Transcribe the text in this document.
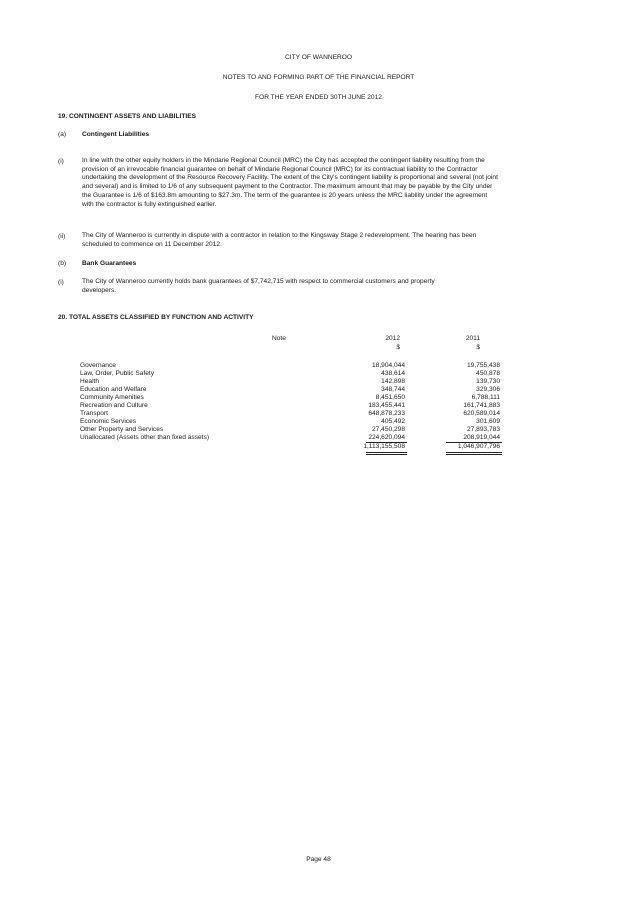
CITY OF WANNEROO
NOTES TO AND FORMING PART OF THE FINANCIAL REPORT
FOR THE YEAR ENDED 30TH JUNE 2012
19. CONTINGENT ASSETS AND LIABILITIES
(a) Contingent Liabilities
(i)	In line with the other equity holders in the Mindarie Regional Council (MRC) the City has accepted the contingent liability resulting from the provision of an irrevocable financial guarantee on behalf of Mindarie Regional Council (MRC) for its contractual liability to the Contractor undertaking the development of the Resource Recovery Facility. The extent of the City's contingent liability is proportional and several (not joint and several) and is limited to 1/6 of any subsequent payment to the Contractor. The maximum amount that may be payable by the City under the Guarantee is 1/6 of $163.8m amounting to $27.3m. The term of the guarantee is 20 years unless the MRC liability under the agreement with the contractor is fully extinguished earlier.
(ii)	The City of Wanneroo is currently in dispute with a contractor in relation to the Kingsway Stage 2 redevelopment. The hearing has been scheduled to commence on 11 December 2012.
(b) Bank Guarantees
(i)	The City of Wanneroo currently holds bank guarantees of $7,742,715 with respect to commercial customers and property developers.
20. TOTAL ASSETS CLASSIFIED BY FUNCTION AND ACTIVITY
Note	2012	2011
$	$
Governance	18,904,044	19,755,438
Law, Order, Public Safety	438,614	450,878
Health	142,898	139,730
Education and Welfare	348,744	329,306
Community Amenities	8,451,650	6,788,111
Recreation and Culture	183,455,441	161,741,883
Transport	648,878,233	620,589,014
Economic Services	405,492	301,609
Other Property and Services	27,450,298	27,893,783
Unallocated (Assets other than fixed assets)	224,620,094	208,919,044
1,113,155,508	1,046,907,796
Page 48
